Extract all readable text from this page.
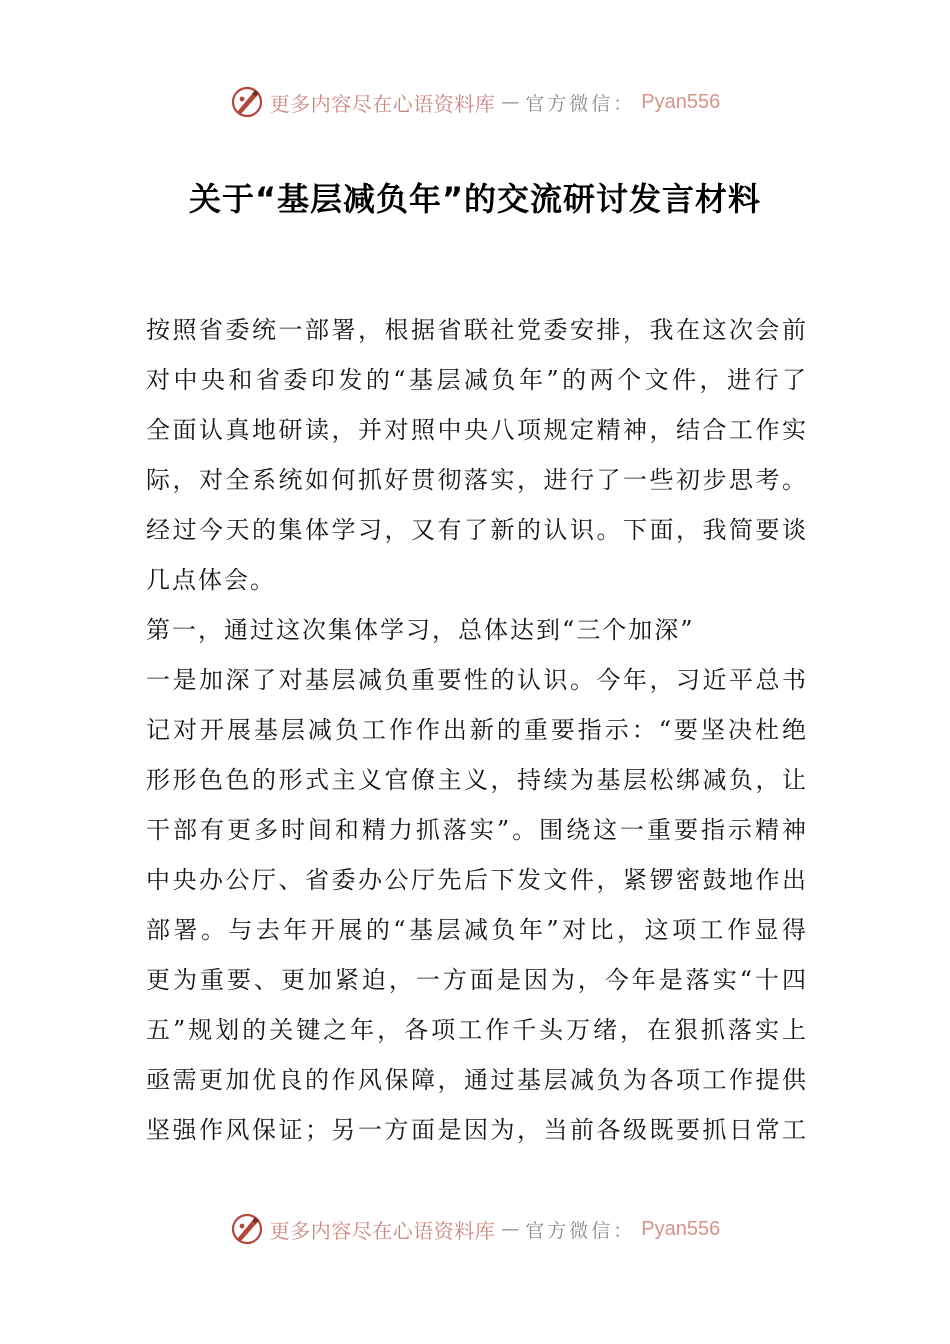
更多内容尽在心语资料库 — 官方微信： Pyan556
关于“基层减负年”的交流研讨发言材料
按照省委统一部署，根据省联社党委安排，我在这次会前
对中央和省委印发的“基层减负年”的两个文件，进行了
全面认真地研读，并对照中央八项规定精神，结合工作实
际，对全系统如何抓好贯彻落实，进行了一些初步思考。
经过今天的集体学习，又有了新的认识。下面，我简要谈
几点体会。
第一，通过这次集体学习，总体达到“三个加深”
一是加深了对基层减负重要性的认识。今年，习近平总书
记对开展基层减负工作作出新的重要指示：“要坚决杜绝
形形色色的形式主义官僚主义，持续为基层松绑减负，让
干部有更多时间和精力抓落实”。围绕这一重要指示精神
中央办公厅、省委办公厅先后下发文件，紧锣密鼓地作出
部署。与去年开展的“基层减负年”对比，这项工作显得
更为重要、更加紧迫，一方面是因为，今年是落实“十四
五”规划的关键之年，各项工作千头万绪，在狠抓落实上
亟需更加优良的作风保障，通过基层减负为各项工作提供
坚强作风保证；另一方面是因为，当前各级既要抓日常工
更多内容尽在心语资料库 — 官方微信： Pyan556
